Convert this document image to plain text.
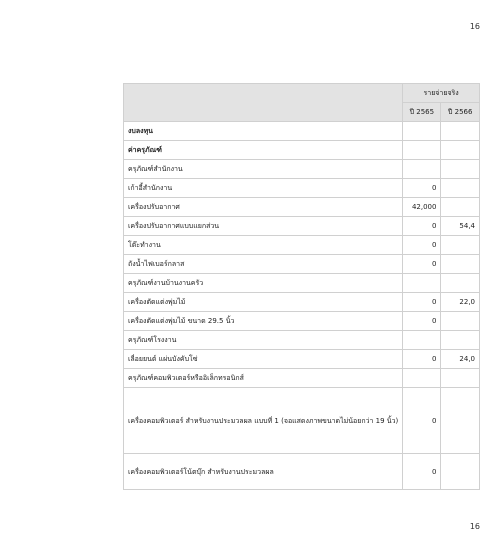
16
	รายจ่ายจริง	
	ปี 2565	ปี 2566
งบลงทุน		
ค่าครุภัณฑ์		
ครุภัณฑ์สำนักงาน		
เก้าอี้สำนักงาน	0	
เครื่องปรับอากาศ	42,000	
เครื่องปรับอากาศแบบแยกส่วน	0	54,4
โต๊ะทำงาน	0	
ถังน้ำไฟเบอร์กลาส	0	
ครุภัณฑ์งานบ้านงานครัว		
เครื่องตัดแต่งพุ่มไม้	0	22,0
เครื่องตัดแต่งพุ่มไม้ ขนาด 29.5 นิ้ว	0	
ครุภัณฑ์โรงงาน		
เลื่อยยนต์ แผ่นบังคับโซ่	0	24,0
ครุภัณฑ์คอมพิวเตอร์หรืออิเล็กทรอนิกส์		
เครื่องคอมพิวเตอร์ สำหรับงานประมวลผล แบบที่ 1 (จอแสดงภาพขนาดไม่น้อยกว่า 19 นิ้ว)	0	
เครื่องคอมพิวเตอร์โน้ตบุ๊ก สำหรับงานประมวลผล	0	
16
